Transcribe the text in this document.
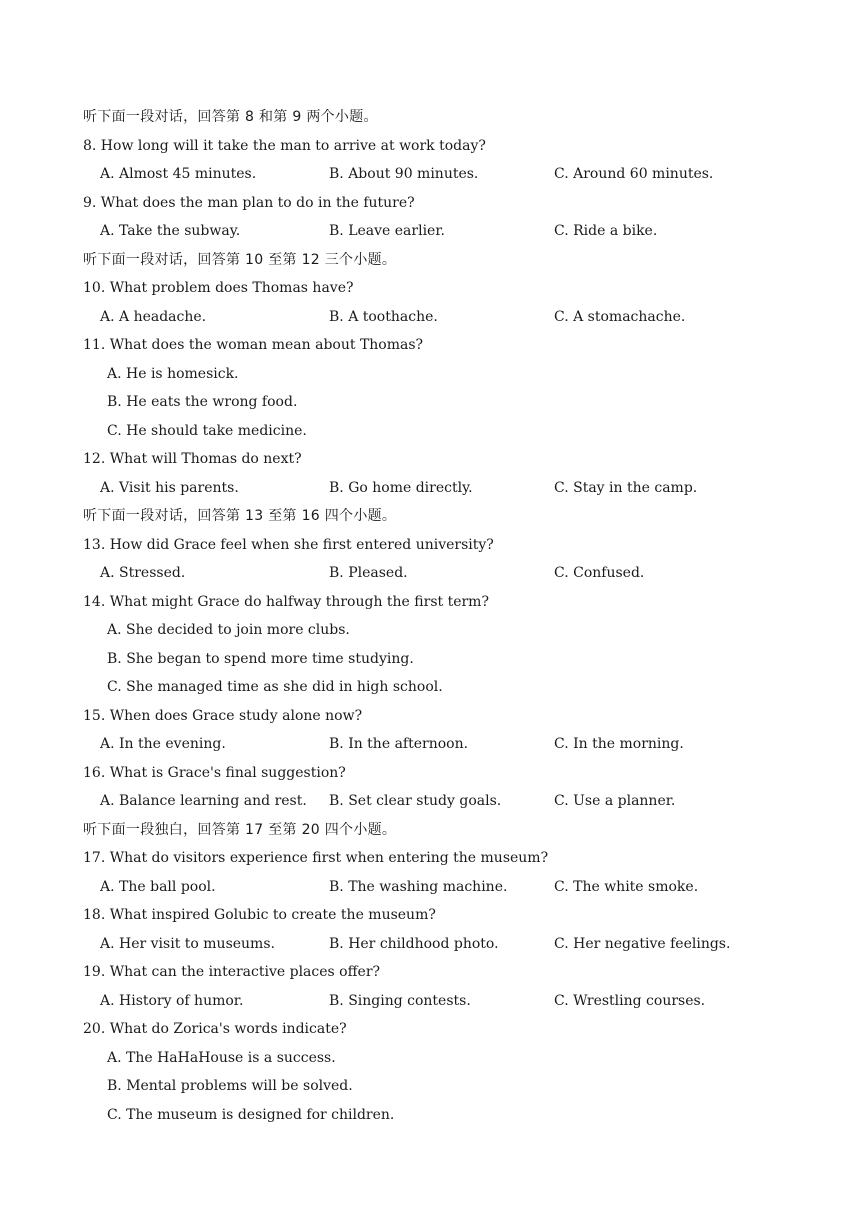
听下面一段对话，回答第 8 和第 9 两个小题。
8. How long will it take the man to arrive at work today?
A. Almost 45 minutes.	B. About 90 minutes.	C. Around 60 minutes.
9. What does the man plan to do in the future?
A. Take the subway.	B. Leave earlier.	C. Ride a bike.
听下面一段对话，回答第 10 至第 12 三个小题。
10. What problem does Thomas have?
A. A headache.	B. A toothache.	C. A stomachache.
11. What does the woman mean about Thomas?
A. He is homesick.
B. He eats the wrong food.
C. He should take medicine.
12. What will Thomas do next?
A. Visit his parents.	B. Go home directly.	C. Stay in the camp.
听下面一段对话，回答第 13 至第 16 四个小题。
13. How did Grace feel when she first entered university?
A. Stressed.	B. Pleased.	C. Confused.
14. What might Grace do halfway through the first term?
A. She decided to join more clubs.
B. She began to spend more time studying.
C. She managed time as she did in high school.
15. When does Grace study alone now?
A. In the evening.	B. In the afternoon.	C. In the morning.
16. What is Grace's final suggestion?
A. Balance learning and rest. B. Set clear study goals.	C. Use a planner.
听下面一段独白，回答第 17 至第 20 四个小题。
17. What do visitors experience first when entering the museum?
A. The ball pool.	B. The washing machine.	C. The white smoke.
18. What inspired Golubic to create the museum?
A. Her visit to museums.	B. Her childhood photo.	C. Her negative feelings.
19. What can the interactive places offer?
A. History of humor.	B. Singing contests.	C. Wrestling courses.
20. What do Zorica's words indicate?
A. The HaHaHouse is a success.
B. Mental problems will be solved.
C. The museum is designed for children.
